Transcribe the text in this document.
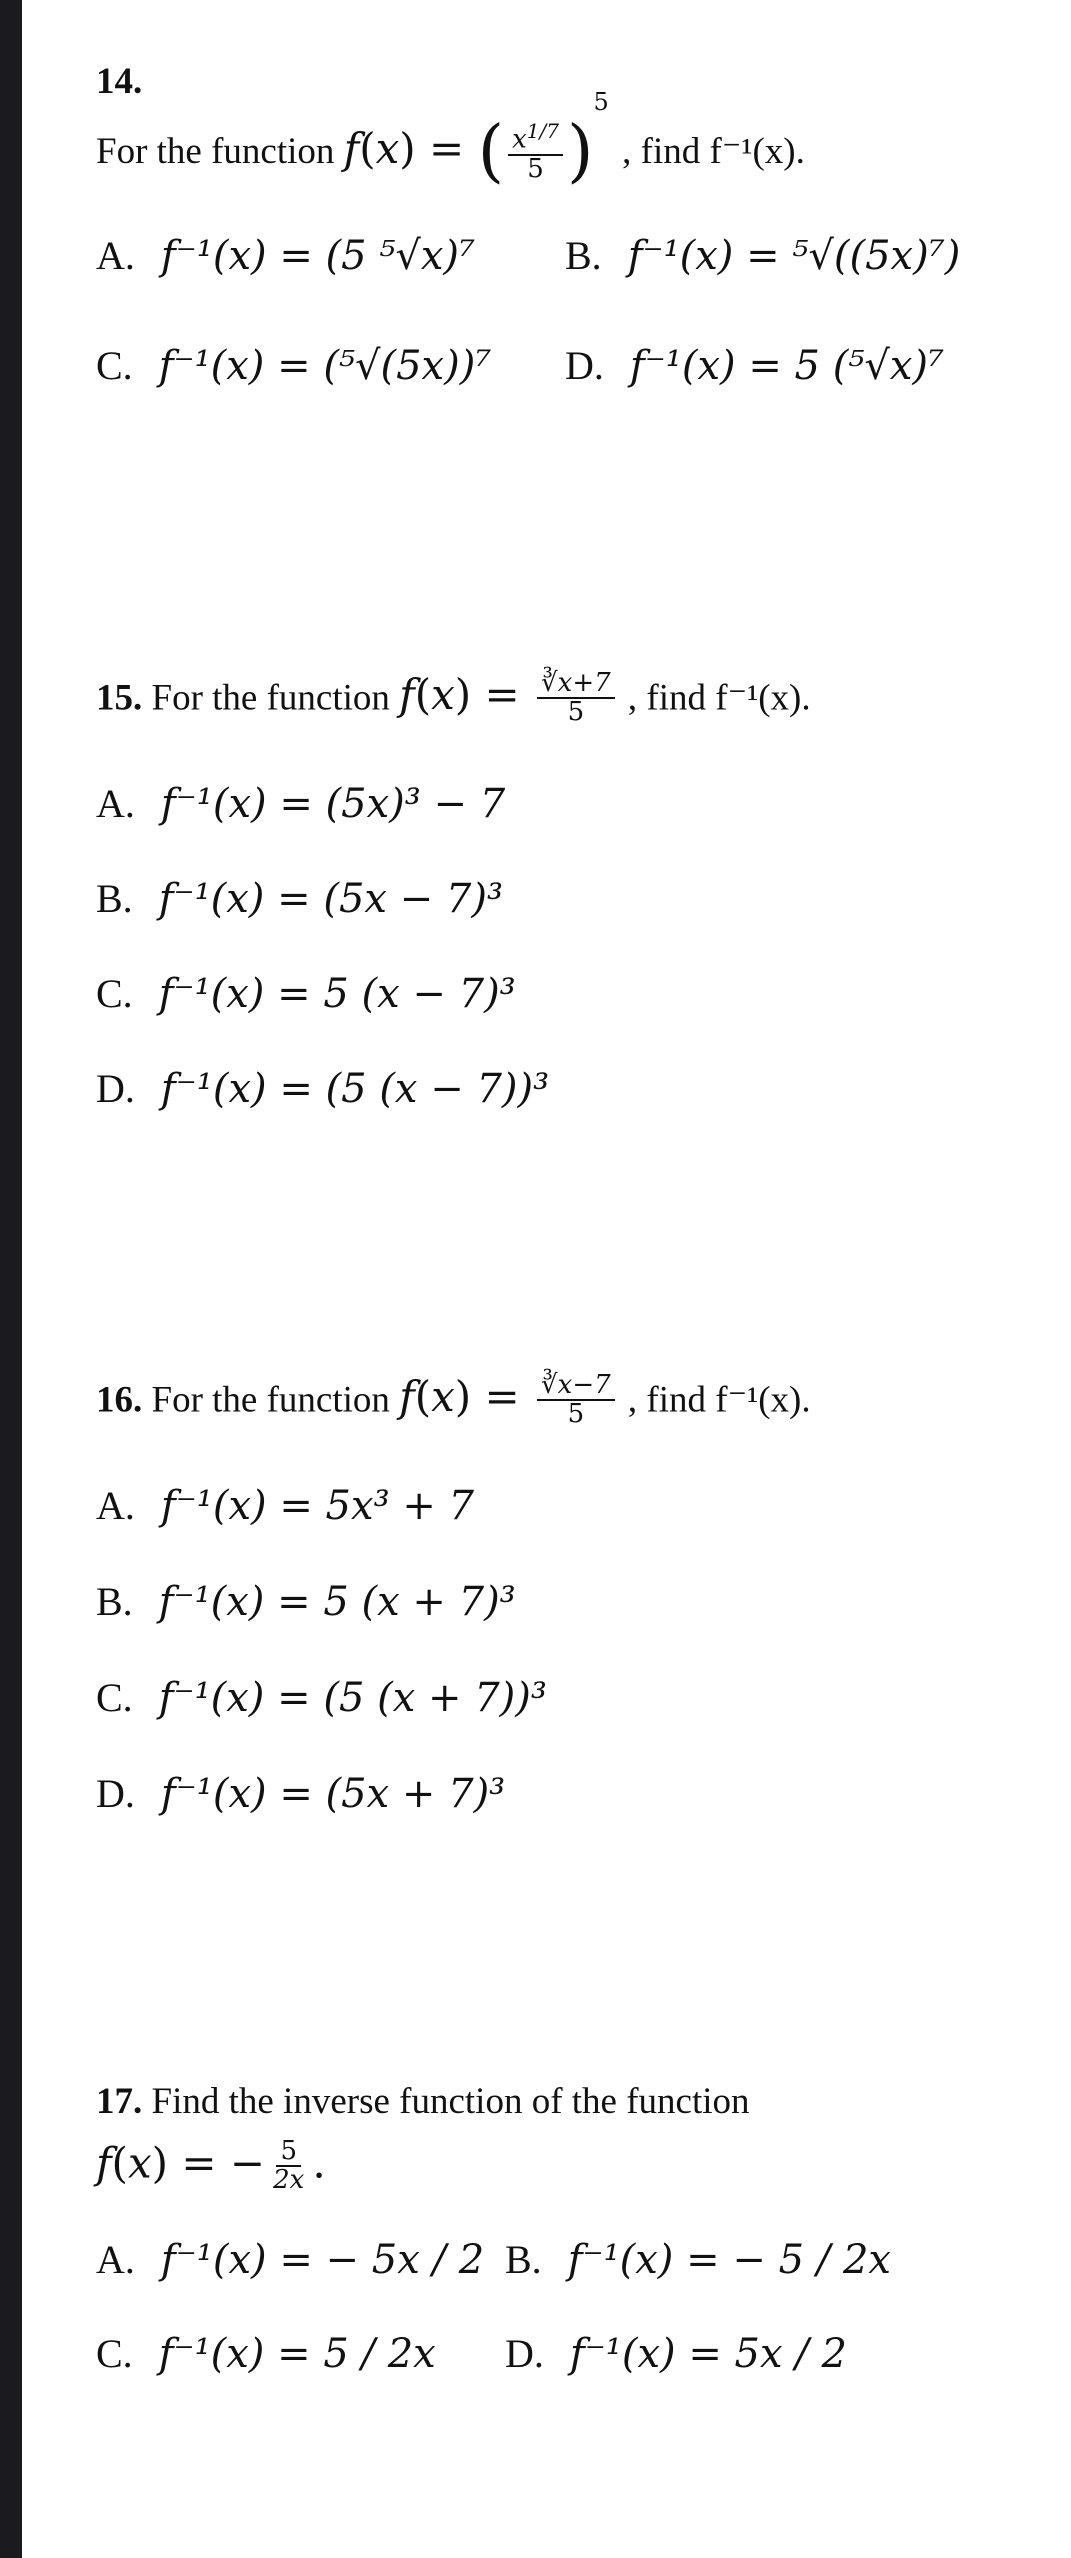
14.
For the function f(x) = ( $\frac{x^{1/7}}{5} )^5$ , find f⁻¹(x).
A. f⁻¹(x) = (5 ⁵√x)⁷ B. f⁻¹(x) = ⁵√((5x)⁷)
C. f⁻¹(x) = (⁵√(5x))⁷ D. f⁻¹(x) = 5 (⁵√x)⁷
15. For the function $f(x) = \frac{∛x+7}{5}$ , find f⁻¹(x).
A. f⁻¹(x) = (5x)³ − 7
B. f⁻¹(x) = (5x − 7)³
C. f⁻¹(x) = 5 (x − 7)³
D. f⁻¹(x) = (5 (x − 7))³
16. For the function $f(x) = \frac{∛x-7}{5}$ , find f⁻¹(x).
A. f⁻¹(x) = 5x³ + 7
B. f⁻¹(x) = 5 (x + 7)³
C. f⁻¹(x) = (5 (x + 7))³
D. f⁻¹(x) = (5x + 7)³
17. Find the inverse function of the function
f(x) = − $\frac{5}{2x}$ .
A. f⁻¹(x) = − 5x / 2 B. f⁻¹(x) = − 5 / 2x
C. f⁻¹(x) = 5 / 2x D. f⁻¹(x) = 5x / 2
